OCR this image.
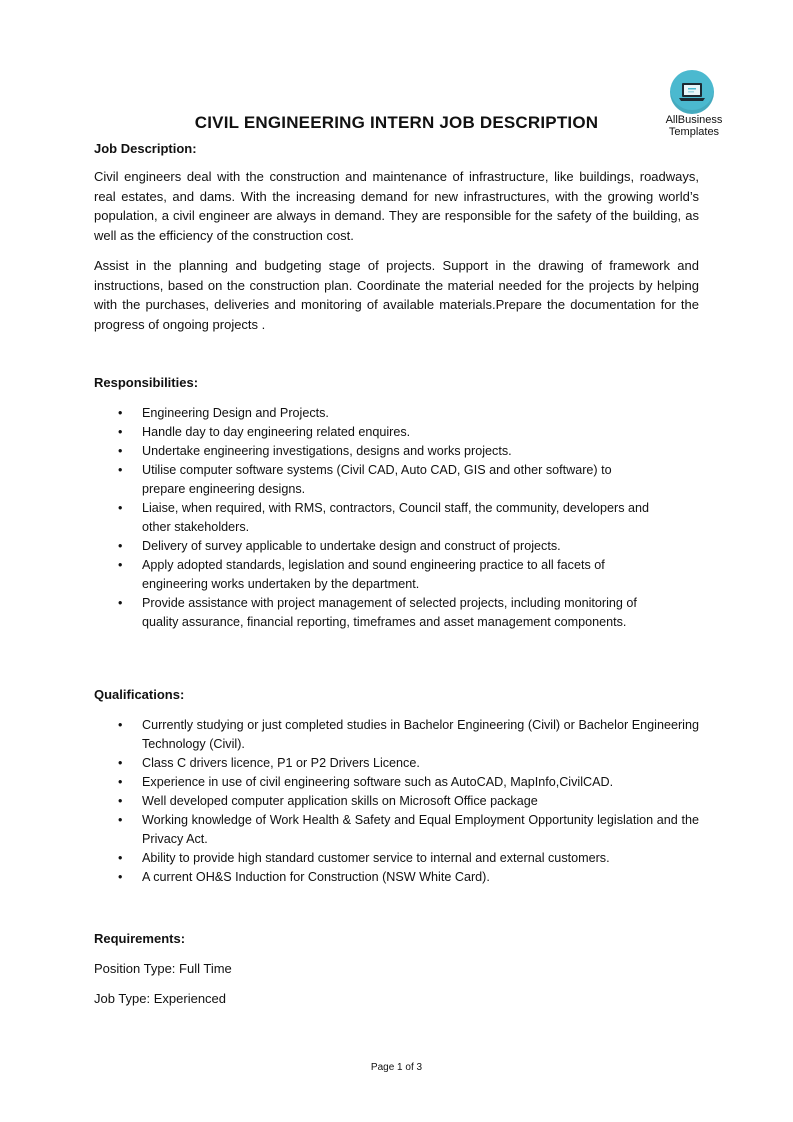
AllBusiness
Templates
CIVIL ENGINEERING INTERN JOB DESCRIPTION
Job Description:
Civil engineers deal with the construction and maintenance of infrastructure, like buildings, roadways, real estates, and dams. With the increasing demand for new infrastructures, with the growing world’s population, a civil engineer are always in demand. They are responsible for the safety of the building, as well as the efficiency of the construction cost.
Assist in the planning and budgeting stage of projects. Support in the drawing of framework and instructions, based on the construction plan. Coordinate the material needed for the projects by helping with the purchases, deliveries and monitoring of available materials.Prepare the documentation for the progress of ongoing projects .
Responsibilities:
• Engineering Design and Projects.
• Handle day to day engineering related enquires.
• Undertake engineering investigations, designs and works projects.
• Utilise computer software systems (Civil CAD, Auto CAD, GIS and other software) to prepare engineering designs.
• Liaise, when required, with RMS, contractors, Council staff, the community, developers and other stakeholders.
• Delivery of survey applicable to undertake design and construct of projects.
• Apply adopted standards, legislation and sound engineering practice to all facets of engineering works undertaken by the department.
• Provide assistance with project management of selected projects, including monitoring of quality assurance, financial reporting, timeframes and asset management components.
Qualifications:
• Currently studying or just completed studies in Bachelor Engineering (Civil) or Bachelor Engineering Technology (Civil).
• Class C drivers licence, P1 or P2 Drivers Licence.
• Experience in use of civil engineering software such as AutoCAD, MapInfo,CivilCAD.
• Well developed computer application skills on Microsoft Office package
• Working knowledge of Work Health & Safety and Equal Employment Opportunity legislation and the Privacy Act.
• Ability to provide high standard customer service to internal and external customers.
• A current OH&S Induction for Construction (NSW White Card).
Requirements:
Position Type: Full Time
Job Type: Experienced
Page 1 of 3
